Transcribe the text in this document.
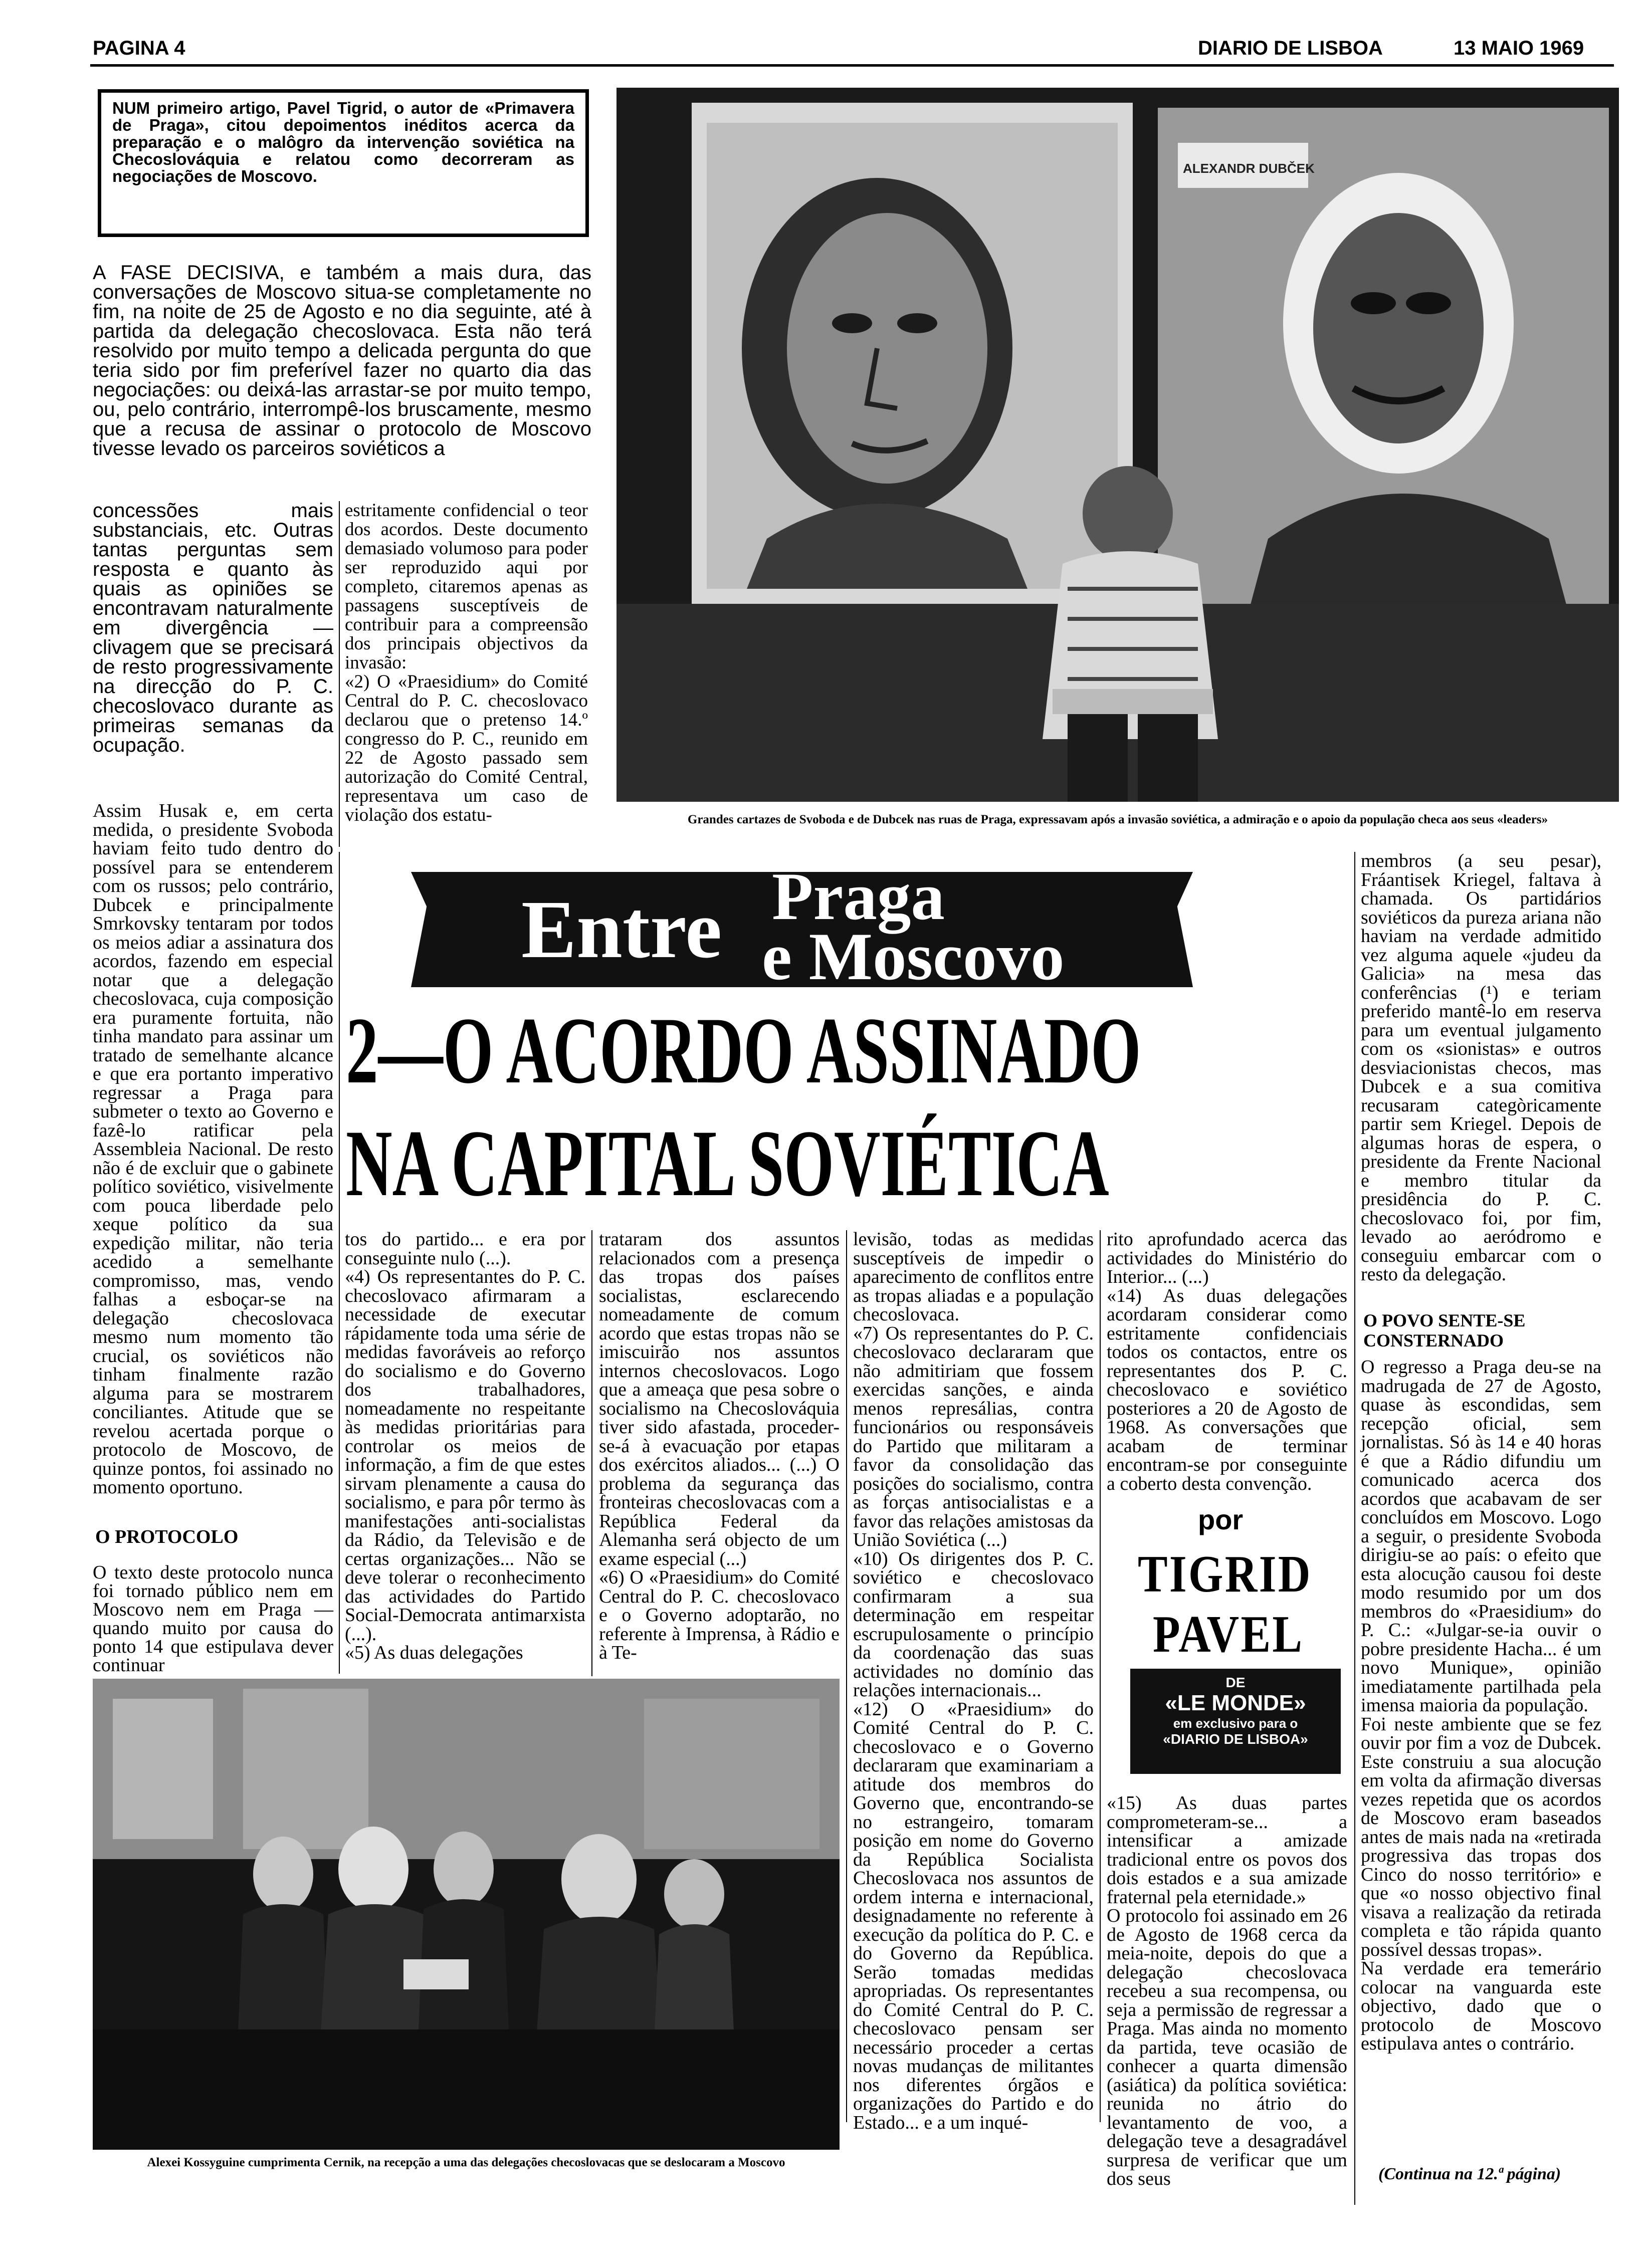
PAGINA 4	DIARIO DE LISBOA	13 MAIO 1969
NUM primeiro artigo, Pavel Tigrid, o autor de «Primavera de Praga», citou depoimentos inéditos acerca da preparação e o malôgro da intervenção soviética na Checoslováquia e relatou como decorreram as negociações de Moscovo.	ALEXANDR DUBČEK
Grandes cartazes de Svoboda e de Dubcek nas ruas de Praga, expressavam após a invasão soviética, a admiração e o apoio da população checa aos seus «leaders»
A FASE DECISIVA, e também a mais dura, das conversações de Moscovo situa-se completamente no fim, na noite de 25 de Agosto e no dia seguinte, até à partida da delegação checoslovaca. Esta não terá resolvido por muito tempo a delicada pergunta do que teria sido por fim preferível fazer no quarto dia das negociações: ou deixá-las arrastar-se por muito tempo, ou, pelo contrário, interrompê-los bruscamente, mesmo que a recusa de assinar o protocolo de Moscovo tivesse levado os parceiros soviéticos a
concessões mais substanciais, etc. Outras tantas perguntas sem resposta e quanto às quais as opiniões se encontravam naturalmente em divergência — clivagem que se precisará de resto progressivamente na direcção do P. C. checoslovaco durante as primeiras semanas da ocupação.
estritamente confidencial o teor dos acordos. Deste documento demasiado volumoso para poder ser reproduzido aqui por completo, citaremos apenas as passagens susceptíveis de contribuir para a compreensão dos principais objectivos da invasão:
«2) O «Praesidium» do Comité Central do P. C. checoslovaco declarou que o pretenso 14.º congresso do P. C., reunido em 22 de Agosto passado sem autorização do Comité Central, representava um caso de violação dos estatu-
Assim Husak e, em certa medida, o presidente Svoboda haviam feito tudo dentro do possível para se entenderem com os russos; pelo contrário, Dubcek e principalmente Smrkovsky tentaram por todos os meios adiar a assinatura dos acordos, fazendo em especial notar que a delegação checoslovaca, cuja composição era puramente fortuita, não tinha mandato para assinar um tratado de semelhante alcance e que era portanto imperativo regressar a Praga para submeter o texto ao Governo e fazê-lo ratificar pela Assembleia Nacional. De resto não é de excluir que o gabinete político soviético, visivelmente com pouca liberdade pelo xeque político da sua expedição militar, não teria acedido a semelhante compromisso, mas, vendo falhas a esboçar-se na delegação checoslovaca mesmo num momento tão crucial, os soviéticos não tinham finalmente razão alguma para se mostrarem conciliantes. Atitude que se revelou acertada porque o protocolo de Moscovo, de quinze pontos, foi assinado no momento oportuno.
O PROTOCOLO
O texto deste protocolo nunca foi tornado público nem em Moscovo nem em Praga — quando muito por causa do ponto 14 que estipulava dever continuar
Entre Praga
e Moscovo
2—O ACORDO ASSINADO
NA CAPITAL SOVIÉTICA
tos do partido... e era por conseguinte nulo (...).
«4) Os representantes do P. C. checoslovaco afirmaram a necessidade de executar rápidamente toda uma série de medidas favoráveis ao reforço do socialismo e do Governo dos trabalhadores, nomeadamente no respeitante às medidas prioritárias para controlar os meios de informação, a fim de que estes sirvam plenamente a causa do socialismo, e para pôr termo às manifestações anti-socialistas da Rádio, da Televisão e de certas organizações... Não se deve tolerar o reconhecimento das actividades do Partido Social-Democrata antimarxista (...).
«5) As duas delegações
trataram dos assuntos relacionados com a presença das tropas dos países socialistas, esclarecendo nomeadamente de comum acordo que estas tropas não se imiscuirão nos assuntos internos checoslovacos. Logo que a ameaça que pesa sobre o socialismo na Checoslováquia tiver sido afastada, proceder-se-á à evacuação por etapas dos exércitos aliados... (...) O problema da segurança das fronteiras checoslovacas com a República Federal da Alemanha será objecto de um exame especial (...)
«6) O «Praesidium» do Comité Central do P. C. checoslovaco e o Governo adoptarão, no referente à Imprensa, à Rádio e à Te-
levisão, todas as medidas susceptíveis de impedir o aparecimento de conflitos entre as tropas aliadas e a população checoslovaca.
«7) Os representantes do P. C. checoslovaco declararam que não admitiriam que fossem exercidas sanções, e ainda menos represálias, contra funcionários ou responsáveis do Partido que militaram a favor da consolidação das posições do socialismo, contra as forças antisocialistas e a favor das relações amistosas da União Soviética (...)
«10) Os dirigentes dos P. C. soviético e checoslovaco confirmaram a sua determinação em respeitar escrupulosamente o princípio da coordenação das suas actividades no domínio das relações internacionais...
«12) O «Praesidium» do Comité Central do P. C. checoslovaco e o Governo declararam que examinariam a atitude dos membros do Governo que, encontrando-se no estrangeiro, tomaram posição em nome do Governo da República Socialista Checoslovaca nos assuntos de ordem interna e internacional, designadamente no referente à execução da política do P. C. e do Governo da República. Serão tomadas medidas apropriadas. Os representantes do Comité Central do P. C. checoslovaco pensam ser necessário proceder a certas novas mudanças de militantes nos diferentes órgãos e organizações do Partido e do Estado... e a um inqué-
rito aprofundado acerca das actividades do Ministério do Interior... (...)
«14) As duas delegações acordaram considerar como estritamente confidenciais todos os contactos, entre os representantes dos P. C. checoslovaco e soviético posteriores a 20 de Agosto de 1968. As conversações que acabam de terminar encontram-se por conseguinte a coberto desta convenção.
por
TIGRID
PAVEL
DE
«LE MONDE»
em exclusivo para o
«DIARIO DE LISBOA»
«15) As duas partes comprometeram-se... a intensificar a amizade tradicional entre os povos dos dois estados e a sua amizade fraternal pela eternidade.»
O protocolo foi assinado em 26 de Agosto de 1968 cerca da meia-noite, depois do que a delegação checoslovaca recebeu a sua recompensa, ou seja a permissão de regressar a Praga. Mas ainda no momento da partida, teve ocasião de conhecer a quarta dimensão (asiática) da política soviética: reunida no átrio do levantamento de voo, a delegação teve a desagradável surpresa de verificar que um dos seus
membros (a seu pesar), Fráantisek Kriegel, faltava à chamada. Os partidários soviéticos da pureza ariana não haviam na verdade admitido vez alguma aquele «judeu da Galicia» na mesa das conferências (¹) e teriam preferido mantê-lo em reserva para um eventual julgamento com os «sionistas» e outros desviacionistas checos, mas Dubcek e a sua comitiva recusaram categòricamente partir sem Kriegel. Depois de algumas horas de espera, o presidente da Frente Nacional e membro titular da presidência do P. C. checoslovaco foi, por fim, levado ao aeródromo e conseguiu embarcar com o resto da delegação.
O POVO SENTE-SE CONSTERNADO
O regresso a Praga deu-se na madrugada de 27 de Agosto, quase às escondidas, sem recepção oficial, sem jornalistas. Só às 14 e 40 horas é que a Rádio difundiu um comunicado acerca dos acordos que acabavam de ser concluídos em Moscovo. Logo a seguir, o presidente Svoboda dirigiu-se ao país: o efeito que esta alocução causou foi deste modo resumido por um dos membros do «Praesidium» do P. C.: «Julgar-se-ia ouvir o pobre presidente Hacha... é um novo Munique», opinião imediatamente partilhada pela imensa maioria da população.
Foi neste ambiente que se fez ouvir por fim a voz de Dubcek. Este construiu a sua alocução em volta da afirmação diversas vezes repetida que os acordos de Moscovo eram baseados antes de mais nada na «retirada progressiva das tropas dos Cinco do nosso território» e que «o nosso objectivo final visava a realização da retirada completa e tão rápida quanto possível dessas tropas».
Na verdade era temerário colocar na vanguarda este objectivo, dado que o protocolo de Moscovo estipulava antes o contrário.
(Continua na 12.ª página)
Alexei Kossyguine cumprimenta Cernik, na recepção a uma das delegações checoslovacas que se deslocaram a Moscovo
